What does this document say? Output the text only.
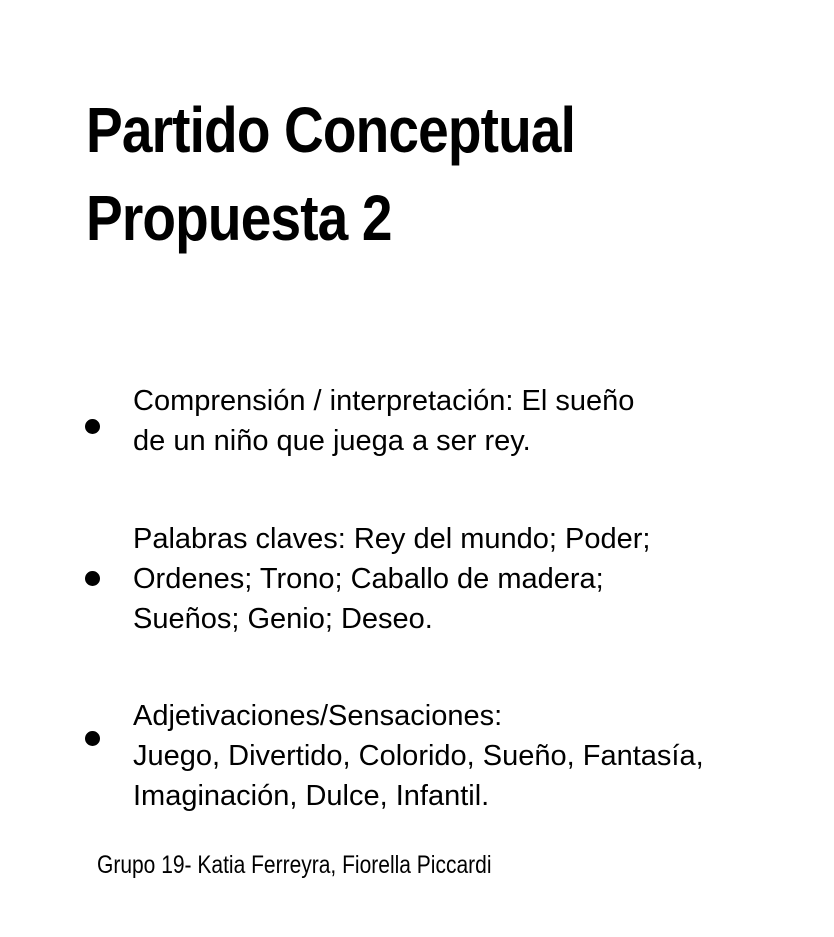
Partido Conceptual
Propuesta 2
Comprensión / interpretación: El sueño
de un niño que juega a ser rey.
Palabras claves: Rey del mundo; Poder;
Ordenes; Trono; Caballo de madera;
Sueños; Genio; Deseo.
Adjetivaciones/Sensaciones:
Juego, Divertido, Colorido, Sueño, Fantasía,
Imaginación, Dulce, Infantil.

Grupo 19- Katia Ferreyra, Fiorella Piccardi
